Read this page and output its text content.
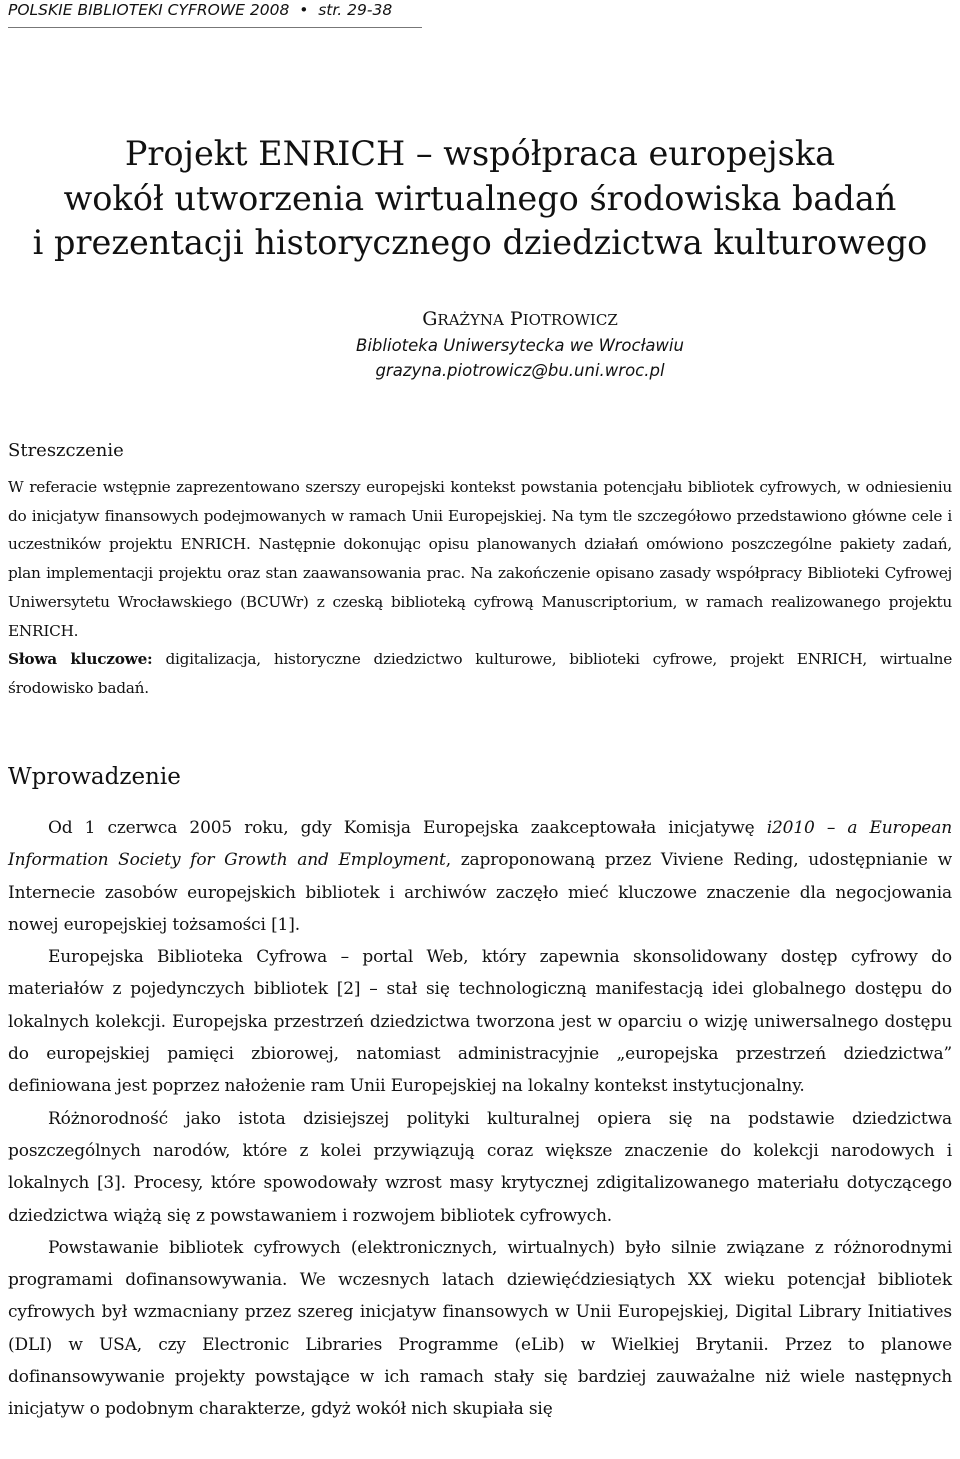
POLSKIE BIBLIOTEKI CYFROWE 2008 • str. 29-38
Projekt ENRICH – współpraca europejska
wokół utworzenia wirtualnego środowiska badań
i prezentacji historycznego dziedzictwa kulturowego
GRAŻYNA PIOTROWICZ
Biblioteka Uniwersytecka we Wrocławiu
grazyna.piotrowicz@bu.uni.wroc.pl
Streszczenie

W referacie wstępnie zaprezentowano szerszy europejski kontekst powstania potencjału bibliotek cyfrowych, w odniesieniu do inicjatyw finansowych podejmowanych w ramach Unii Europejskiej. Na tym tle szczegółowo przedstawiono główne cele i uczestników projektu ENRICH. Następnie dokonując opisu planowanych działań omówiono poszczególne pakiety zadań, plan implementacji projektu oraz stan zaawansowania prac. Na zakończenie opisano zasady współpracy Biblioteki Cyfrowej Uniwersytetu Wrocławskiego (BCUWr) z czeską biblioteką cyfrową Manuscriptorium, w ramach realizowanego projektu ENRICH.

Słowa kluczowe: digitalizacja, historyczne dziedzictwo kulturowe, biblioteki cyfrowe, projekt ENRICH, wirtualne środowisko badań.

Wprowadzenie

Od 1 czerwca 2005 roku, gdy Komisja Europejska zaakceptowała inicjatywę i2010 – a European Information Society for Growth and Employment, zaproponowaną przez Viviene Reding, udostępnianie w Internecie zasobów europejskich bibliotek i archiwów zaczęło mieć kluczowe znaczenie dla negocjowania nowej europejskiej tożsamości [1].

Europejska Biblioteka Cyfrowa – portal Web, który zapewnia skonsolidowany dostęp cyfrowy do materiałów z pojedynczych bibliotek [2] – stał się technologiczną manifestacją idei globalnego dostępu do lokalnych kolekcji. Europejska przestrzeń dziedzictwa tworzona jest w oparciu o wizję uniwersalnego dostępu do europejskiej pamięci zbiorowej, natomiast administracyjnie „europejska przestrzeń dziedzictwa” definiowana jest poprzez nałożenie ram Unii Europejskiej na lokalny kontekst instytucjonalny.

Różnorodność jako istota dzisiejszej polityki kulturalnej opiera się na podstawie dziedzictwa poszczególnych narodów, które z kolei przywiązują coraz większe znaczenie do kolekcji narodowych i lokalnych [3]. Procesy, które spowodowały wzrost masy krytycznej zdigitalizowanego materiału dotyczącego dziedzictwa wiążą się z powstawaniem i rozwojem bibliotek cyfrowych.

Powstawanie bibliotek cyfrowych (elektronicznych, wirtualnych) było silnie związane z różnorodnymi programami dofinansowywania. We wczesnych latach dziewięćdziesiątych XX wieku potencjał bibliotek cyfrowych był wzmacniany przez szereg inicjatyw finansowych w Unii Europejskiej, Digital Library Initiatives (DLI) w USA, czy Electronic Libraries Programme (eLib) w Wielkiej Brytanii. Przez to planowe dofinansowywanie projekty powstające w ich ramach stały się bardziej zauważalne niż wiele następnych inicjatyw o podobnym charakterze, gdyż wokół nich skupiała się
